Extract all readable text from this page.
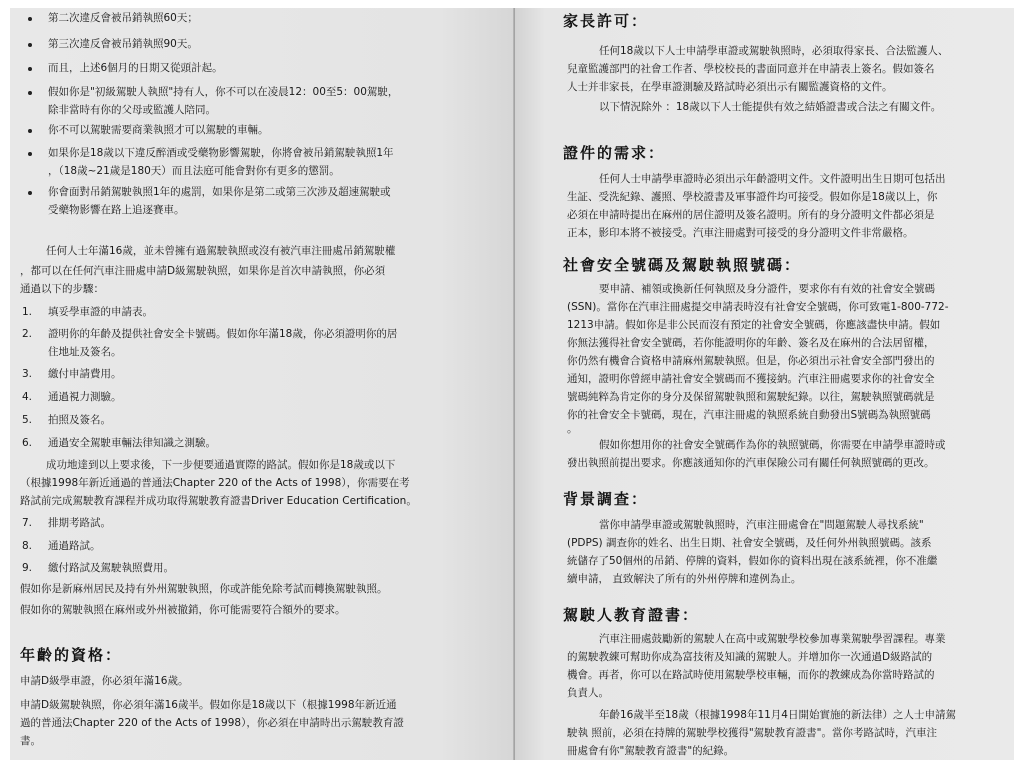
第二次違反會被吊銷執照60天；
第三次違反會被吊銷執照90天。
而且，上述6個月的日期又從頭計起。
假如你是"初級駕駛人執照"持有人，你不可以在凌晨12：00至5：00駕駛，
除非當時有你的父母或監護人陪同。
你不可以駕駛需要商業執照才可以駕駛的車輛。
如果你是18歲以下違反醉酒或受藥物影響駕駛，你將會被吊銷駕駛執照1年
，（18歲~21歲是180天）而且法庭可能會對你有更多的懲罰。
你會面對吊銷駕駛執照1年的處罰，如果你是第二或第三次涉及超速駕駛或
受藥物影響在路上追逐賽車。
任何人士年滿16歲，並未曾擁有過駕駛執照或沒有被汽車注冊處吊銷駕駛權
，都可以在任何汽車注冊處申請D級駕駛執照，如果你是首次申請執照，你必須
通過以下的步驟：
1. 填妥學車證的申請表。
2. 證明你的年齡及提供社會安全卡號碼。假如你年滿18歲，你必須證明你的居
住地址及簽名。
3. 繳付申請費用。
4. 通過視力測驗。
5. 拍照及簽名。
6. 通過安全駕駛車輛法律知識之測驗。
成功地達到以上要求後，下一步便要通過實際的路試。假如你是18歲或以下
（根據1998年新近通過的普通法Chapter 220 of the Acts of 1998），你需要在考
路試前完成駕駛教育課程并成功取得駕駛教育證書Driver Education Certification。
7. 排期考路試。
8. 通過路試。
9. 繳付路試及駕駛執照費用。
假如你是新麻州居民及持有外州駕駛執照，你或許能免除考試而轉換駕駛執照。
假如你的駕駛執照在麻州或外州被撤銷，你可能需要符合額外的要求。
年齡的資格：
申請D級學車證，你必須年滿16歲。
申請D級駕駛執照，你必須年滿16歲半。假如你是18歲以下（根據1998年新近通
過的普通法Chapter 220 of the Acts of 1998），你必須在申請時出示駕駛教育證
書。
家長許可：
任何18歲以下人士申請學車證或駕駛執照時，必須取得家長、合法監護人、
兒童監護部門的社會工作者、學校校長的書面同意并在申請表上簽名。假如簽名
人士并非家長，在學車證測驗及路試時必須出示有關監護資格的文件。
以下情況除外 ：18歲以下人士能提供有效之結婚證書或合法之有關文件。
證件的需求：
任何人士申請學車證時必須出示年齡證明文件。文件證明出生日期可包括出
生証、受洗紀錄、護照、學校證書及軍事證件均可接受。假如你是18歲以上，你
必須在申請時提出在麻州的居住證明及簽名證明。所有的身分證明文件都必須是
正本，影印本將不被接受。汽車注冊處對可接受的身分證明文件非常嚴格。
社會安全號碼及駕駛執照號碼：
要申請、補領或換新任何執照及身分證件，要求你有有效的社會安全號碼
(SSN)。當你在汽車注冊處提交申請表時沒有社會安全號碼，你可致電1-800-772-
1213申請。假如你是非公民而沒有預定的社會安全號碼，你應該盡快申請。假如
你無法獲得社會安全號碼，若你能證明你的年齡、簽名及在麻州的合法居留權，
你仍然有機會合資格申請麻州駕駛執照。但是，你必須出示社會安全部門發出的
通知，證明你曾經申請社會安全號碼而不獲接納。汽車注冊處要求你的社會安全
號碼純粹為肯定你的身分及保留駕駛執照和駕駛紀錄。以往，駕駛執照號碼就是
你的社會安全卡號碼，現在，汽車注冊處的執照系統自動發出S號碼為執照號碼
。
假如你想用你的社會安全號碼作為你的執照號碼，你需要在申請學車證時或
發出執照前提出要求。你應該通知你的汽車保險公司有關任何執照號碼的更改。
背景調查：
當你申請學車證或駕駛執照時，汽車注冊處會在"問題駕駛人尋找系統"
(PDPS) 調查你的姓名、出生日期、社會安全號碼，及任何外州執照號碼。該系
統儲存了50個州的吊銷、停牌的資料，假如你的資料出現在該系統裡，你不准繼
續申請， 直致解決了所有的外州停牌和違例為止。
駕駛人教育證書：
汽車注冊處鼓勵新的駕駛人在高中或駕駛學校參加專業駕駛學習課程。專業
的駕駛教練可幫助你成為富技術及知識的駕駛人。并增加你一次通過D級路試的
機會。再者，你可以在路試時使用駕駛學校車輛，而你的教練成為你當時路試的
負責人。
年齡16歲半至18歲（根據1998年11月4日開始實施的新法律）之人士申請駕
駛執 照前，必須在持牌的駕駛學校獲得"駕駛教育證書"。當你考路試時，汽車注
冊處會有你"駕駛教育證書"的紀錄。
